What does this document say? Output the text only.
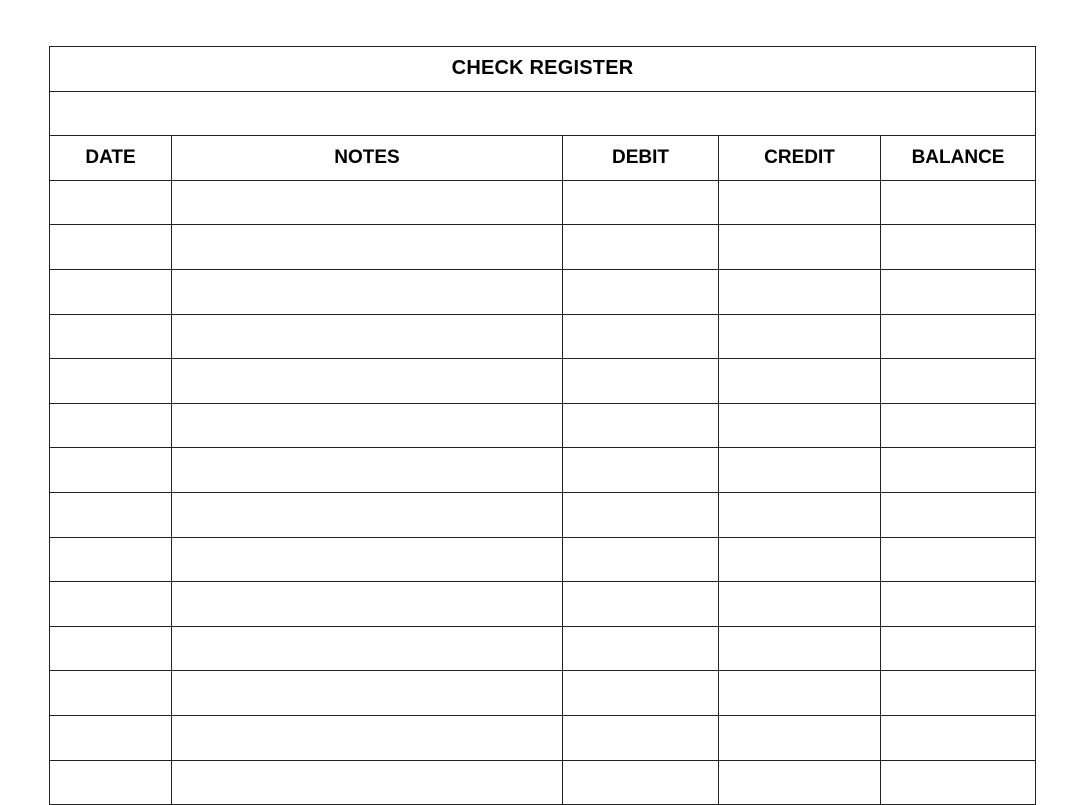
CHECK REGISTER				

DATE	NOTES	DEBIT	CREDIT	BALANCE
